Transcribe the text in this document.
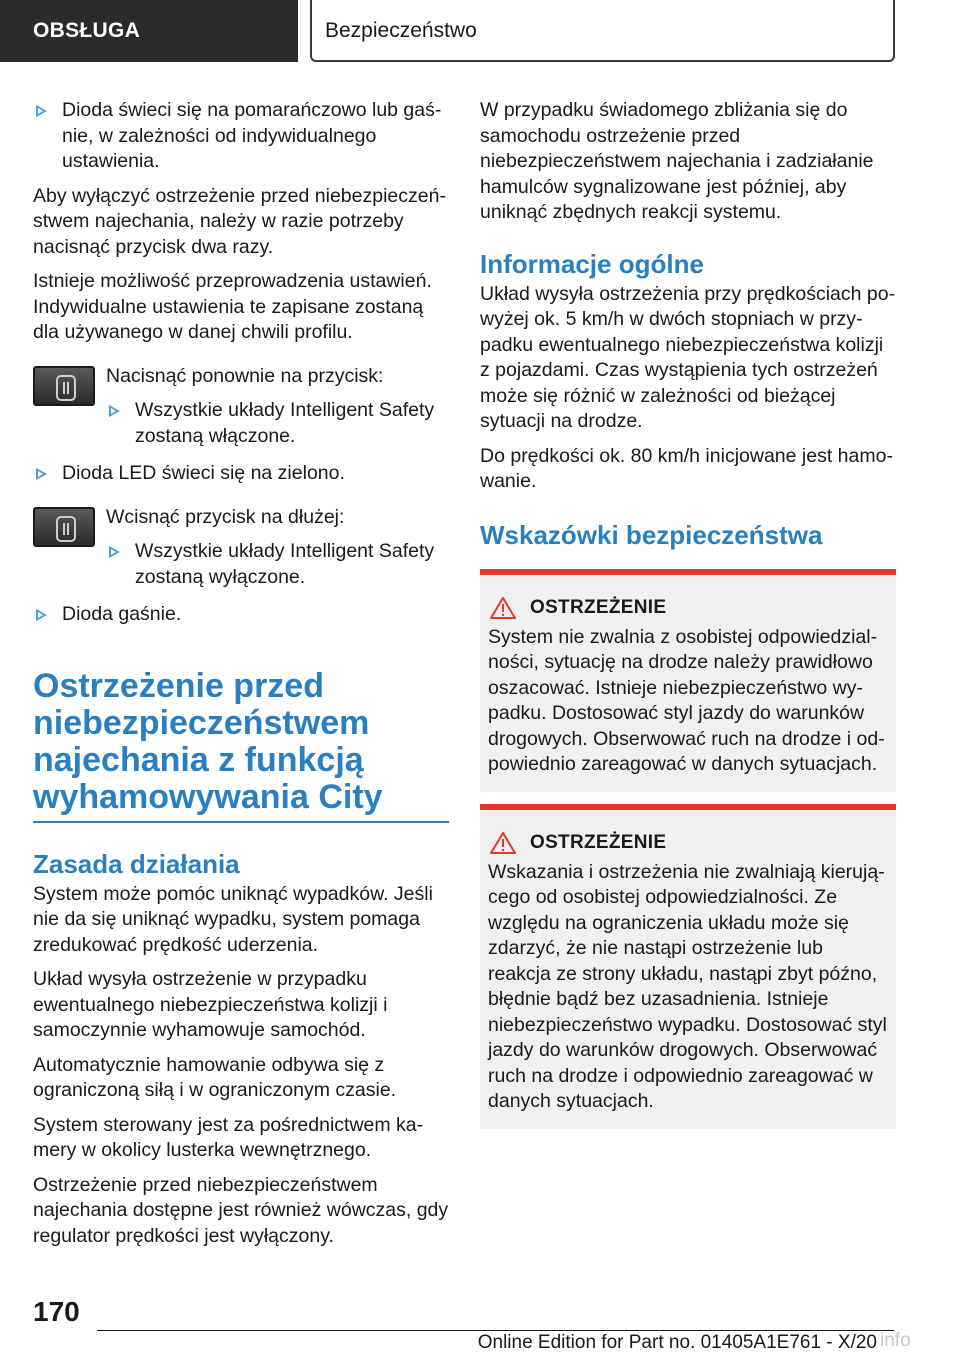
OBSŁUGA	Bezpieczeństwo

Dioda świeci się na pomarańczowo lub gaśnie, w zależności od indywidualnego ustawienia.

Aby wyłączyć ostrzeżenie przed niebezpieczeństwem najechania, należy w razie potrzeby nacisnąć przycisk dwa razy.

Istnieje możliwość przeprowadzenia ustawień. Indywidualne ustawienia te zapisane zostaną dla używanego w danej chwili profilu.

Nacisnąć ponownie na przycisk:

Wszystkie układy Intelligent Safety zostaną włączone.

Dioda LED świeci się na zielono.

Wcisnąć przycisk na dłużej:

Wszystkie układy Intelligent Safety zostaną wyłączone.

Dioda gaśnie.

Ostrzeżenie przed niebezpieczeństwem najechania z funkcją wyhamowywania City
Zasada działania

System może pomóc uniknąć wypadków. Jeśli nie da się uniknąć wypadku, system pomaga zredukować prędkość uderzenia.

Układ wysyła ostrzeżenie w przypadku ewentualnego niebezpieczeństwa kolizji i samoczynnie wyhamowuje samochód.

Automatycznie hamowanie odbywa się z ograniczoną siłą i w ograniczonym czasie.

System sterowany jest za pośrednictwem kamery w okolicy lusterka wewnętrznego.

Ostrzeżenie przed niebezpieczeństwem najechania dostępne jest również wówczas, gdy regulator prędkości jest wyłączony.

W przypadku świadomego zbliżania się do samochodu ostrzeżenie przed niebezpieczeństwem najechania i zadziałanie hamulców sygnalizowane jest później, aby uniknąć zbędnych reakcji systemu.

Informacje ogólne

Układ wysyła ostrzeżenia przy prędkościach powyżej ok. 5 km/h w dwóch stopniach w przypadku ewentualnego niebezpieczeństwa kolizji z pojazdami. Czas wystąpienia tych ostrzeżeń może się różnić w zależności od bieżącej sytuacji na drodze.

Do prędkości ok. 80 km/h inicjowane jest hamowanie.

Wskazówki bezpieczeństwa
OSTRZEŻENIE

System nie zwalnia z osobistej odpowiedzialności, sytuację na drodze należy prawidłowo oszacować. Istnieje niebezpieczeństwo wypadku. Dostosować styl jazdy do warunków drogowych. Obserwować ruch na drodze i odpowiednio zareagować w danych sytuacjach.

OSTRZEŻENIE

Wskazania i ostrzeżenia nie zwalniają kierującego od osobistej odpowiedzialności. Ze względu na ograniczenia układu może się zdarzyć, że nie nastąpi ostrzeżenie lub reakcja ze strony układu, nastąpi zbyt późno, błędnie bądź bez uzasadnienia. Istnieje niebezpieczeństwo wypadku. Dostosować styl jazdy do warunków drogowych. Obserwować ruch na drodze i odpowiednio zareagować w danych sytuacjach.

170
Online Edition for Part no. 01405A1E761 - X/20 info
